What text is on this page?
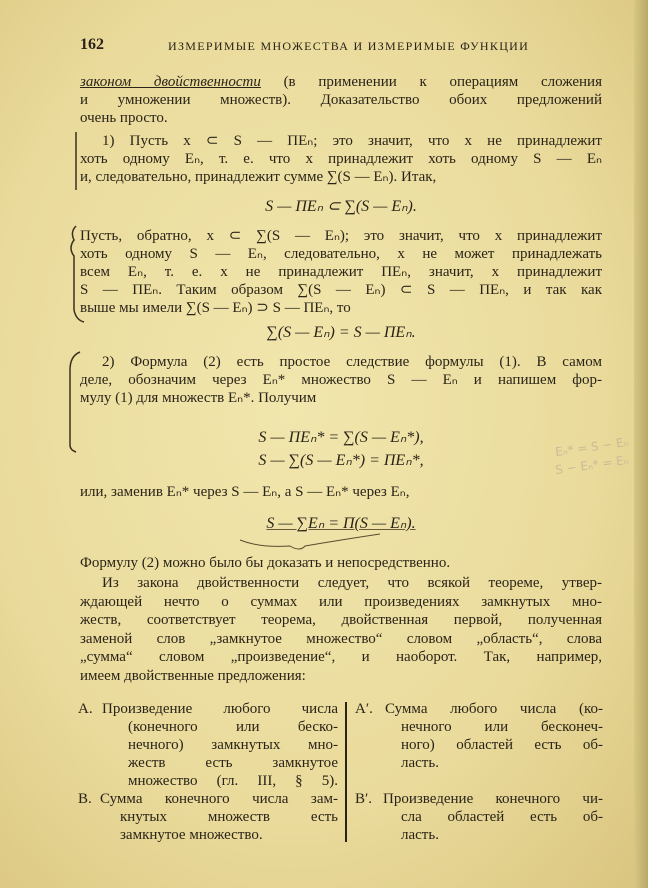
162	ИЗМЕРИМЫЕ МНОЖЕСТВА И ИЗМЕРИМЫЕ ФУНКЦИИ
законом двойственности (в применении к операциям сложения
и умножении множеств). Доказательство обоих предложений
очень просто.
1) Пусть x ⊂ S — ΠEₙ; это значит, что x не принадлежит
хоть одному Eₙ, т. е. что x принадлежит хоть одному S — Eₙ
и, следовательно, принадлежит сумме ∑(S — Eₙ). Итак,
S — ΠEₙ ⊂ ∑(S — Eₙ).
Пусть, обратно, x ⊂ ∑(S — Eₙ); это значит, что x принадлежит
хоть одному S — Eₙ, следовательно, x не может принадлежать
всем Eₙ, т. е. x не принадлежит ΠEₙ, значит, x принадлежит
S — ΠEₙ. Таким образом ∑(S — Eₙ) ⊂ S — ΠEₙ, и так как
выше мы имели ∑(S — Eₙ) ⊃ S — ΠEₙ, то
∑(S — Eₙ) = S — ΠEₙ.
2) Формула (2) есть простое следствие формулы (1). В самом
деле, обозначим через Eₙ* множество S — Eₙ и напишем фор-
мулу (1) для множеств Eₙ*. Получим
S — ΠEₙ* = ∑(S — Eₙ*),
S — ∑(S — Eₙ*) = ΠEₙ*,
или, заменив Eₙ* через S — Eₙ, а S — Eₙ* через Eₙ,
S — ∑Eₙ = Π(S — Eₙ).
Формулу (2) можно было бы доказать и непосредственно.
Из закона двойственности следует, что всякой теореме, утвер-
ждающей нечто о суммах или произведениях замкнутых мно-
жеств, соответствует теорема, двойственная первой, полученная
заменой слов „замкнутое множество“ словом „область“, слова
„сумма“ словом „произведение“, и наоборот. Так, например,
имеем двойственные предложения:
A. Произведение любого числа
(конечного или беско-
нечного) замкнутых мно-
жеств есть замкнутое
множество (гл. III, § 5).
B. Сумма конечного числа зам-
кнутых множеств есть
замкнутое множество.
A′. Сумма любого числа (ко-
нечного или бесконеч-
ного) областей есть об-
ласть.
B′. Произведение конечного чи-
сла областей есть об-
ласть.
Eₙ* = S − Eₙ
S − Eₙ* = Eₙ
